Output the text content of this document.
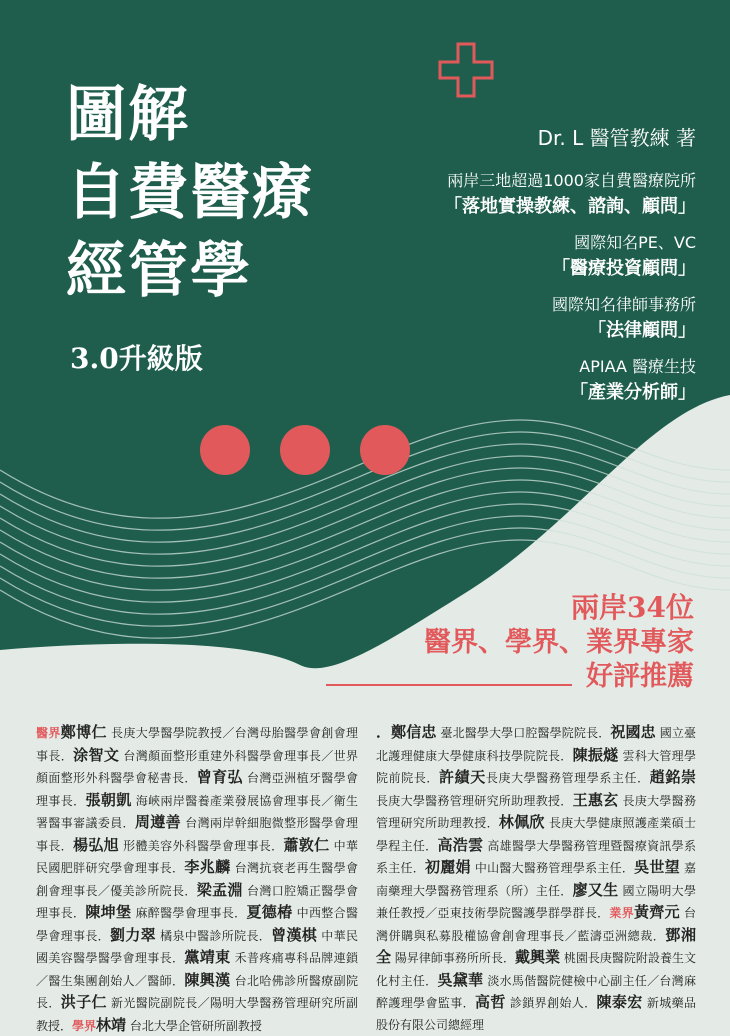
圖解
自費醫療
經管學
3.0升級版
Dr. L 醫管教練 著
兩岸三地超過1000家自費醫療院所
「落地實操教練、諮詢、顧問」
國際知名PE、VC
「醫療投資顧問」
國際知名律師事務所
「法律顧問」
APIAA 醫療生技
「產業分析師」
兩岸34位
醫界、學界、業界專家
好評推薦
醫界鄭博仁 長庚大學醫學院教授／台灣母胎醫學會創會理事長．涂智文 台灣顏面整形重建外科醫學會理事長／世界顏面整形外科醫學會秘書長．曾育弘 台灣亞洲植牙醫學會理事長．張朝凱 海峽兩岸醫養產業發展協會理事長／衛生署醫事審議委員．周遵善 台灣兩岸幹細胞微整形醫學會理事長．楊弘旭 形體美容外科醫學會理事長．蕭敦仁 中華民國肥胖研究學會理事長．李兆麟 台灣抗衰老再生醫學會創會理事長／優美診所院長．梁孟淵 台灣口腔矯正醫學會理事長．陳坤堡 麻醉醫學會理事長．夏德椿 中西整合醫學會理事長．劉力翠 橘泉中醫診所院長．曾漢棋 中華民國美容醫學醫學會理事長．黨靖東 禾普疼痛專科品牌連鎖／醫生集團創始人／醫師．陳興漢 台北哈佛診所醫療副院長．洪子仁 新光醫院副院長／陽明大學醫務管理研究所副教授．學界林靖 台北大學企管研所副教授
．鄭信忠 臺北醫學大學口腔醫學院院長．祝國忠 國立臺北護理健康大學健康科技學院院長．陳振燧 雲科大管理學院前院長．許績天長庚大學醫務管理學系主任．趙銘崇 長庚大學醫務管理研究所助理教授．王惠玄 長庚大學醫務管理研究所助理教授．林佩欣 長庚大學健康照護產業碩士學程主任．高浩雲 高雄醫學大學醫務管理暨醫療資訊學系系主任．初麗娟 中山醫大醫務管理學系主任．吳世望 嘉南藥理大學醫務管理系（所）主任．廖又生 國立陽明大學兼任教授／亞東技術學院醫護學群學群長．業界黃齊元 台灣併購與私募股權協會創會理事長／藍濤亞洲總裁．鄧湘全 陽昇律師事務所所長．戴興業 桃園長庚醫院附設養生文化村主任．吳黛華 淡水馬偕醫院健檢中心副主任／台灣麻醉護理學會監事．高哲 診鎖界創始人．陳泰宏 新城藥品股份有限公司總經理
